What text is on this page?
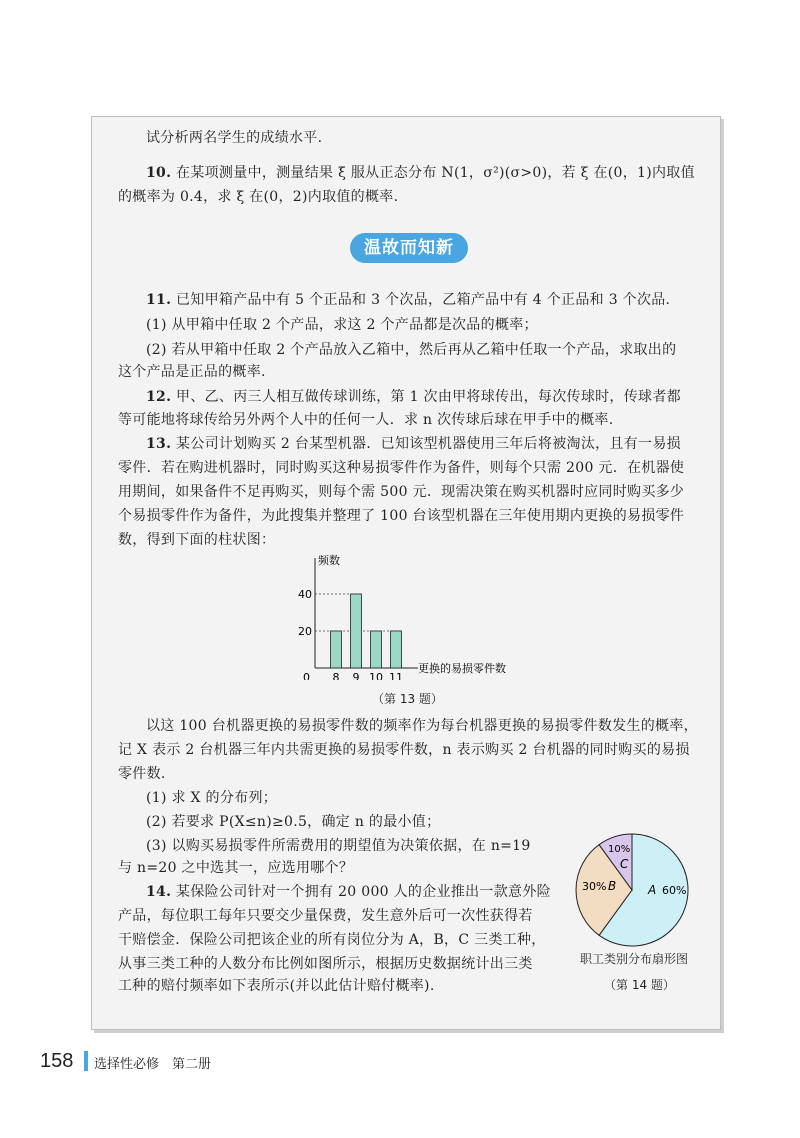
试分析两名学生的成绩水平.
10. 在某项测量中，测量结果 ξ 服从正态分布 N(1，σ²)(σ>0)，若 ξ 在(0，1)内取值
的概率为 0.4，求 ξ 在(0，2)内取值的概率.
温故而知新
11. 已知甲箱产品中有 5 个正品和 3 个次品，乙箱产品中有 4 个正品和 3 个次品.
(1) 从甲箱中任取 2 个产品，求这 2 个产品都是次品的概率；
(2) 若从甲箱中任取 2 个产品放入乙箱中，然后再从乙箱中任取一个产品，求取出的
这个产品是正品的概率.
12. 甲、乙、丙三人相互做传球训练，第 1 次由甲将球传出，每次传球时，传球者都
等可能地将球传给另外两个人中的任何一人．求 n 次传球后球在甲手中的概率.
13. 某公司计划购买 2 台某型机器．已知该型机器使用三年后将被淘汰，且有一易损
零件．若在购进机器时，同时购买这种易损零件作为备件，则每个只需 200 元．在机器使
用期间，如果备件不足再购买，则每个需 500 元．现需决策在购买机器时应同时购买多少
个易损零件作为备件，为此搜集并整理了 100 台该型机器在三年使用期内更换的易损零件
数，得到下面的柱状图：
频数
更换的易损零件数
0
20
40
8 9 10 11
（第 13 题）
以这 100 台机器更换的易损零件数的频率作为每台机器更换的易损零件数发生的概率，
记 X 表示 2 台机器三年内共需更换的易损零件数，n 表示购买 2 台机器的同时购买的易损
零件数.
(1) 求 X 的分布列；
(2) 若要求 P(X≤n)≥0.5，确定 n 的最小值；
(3) 以购买易损零件所需费用的期望值为决策依据，在 n=19
与 n=20 之中选其一，应选用哪个？
14. 某保险公司针对一个拥有 20 000 人的企业推出一款意外险
产品，每位职工每年只要交少量保费，发生意外后可一次性获得若
干赔偿金．保险公司把该企业的所有岗位分为 A，B，C 三类工种，
从事三类工种的人数分布比例如图所示，根据历史数据统计出三类
工种的赔付频率如下表所示(并以此估计赔付概率).
A 60%
30% B
10%
C
职工类别分布扇形图
（第 14 题）
158 选择性必修　第二册
